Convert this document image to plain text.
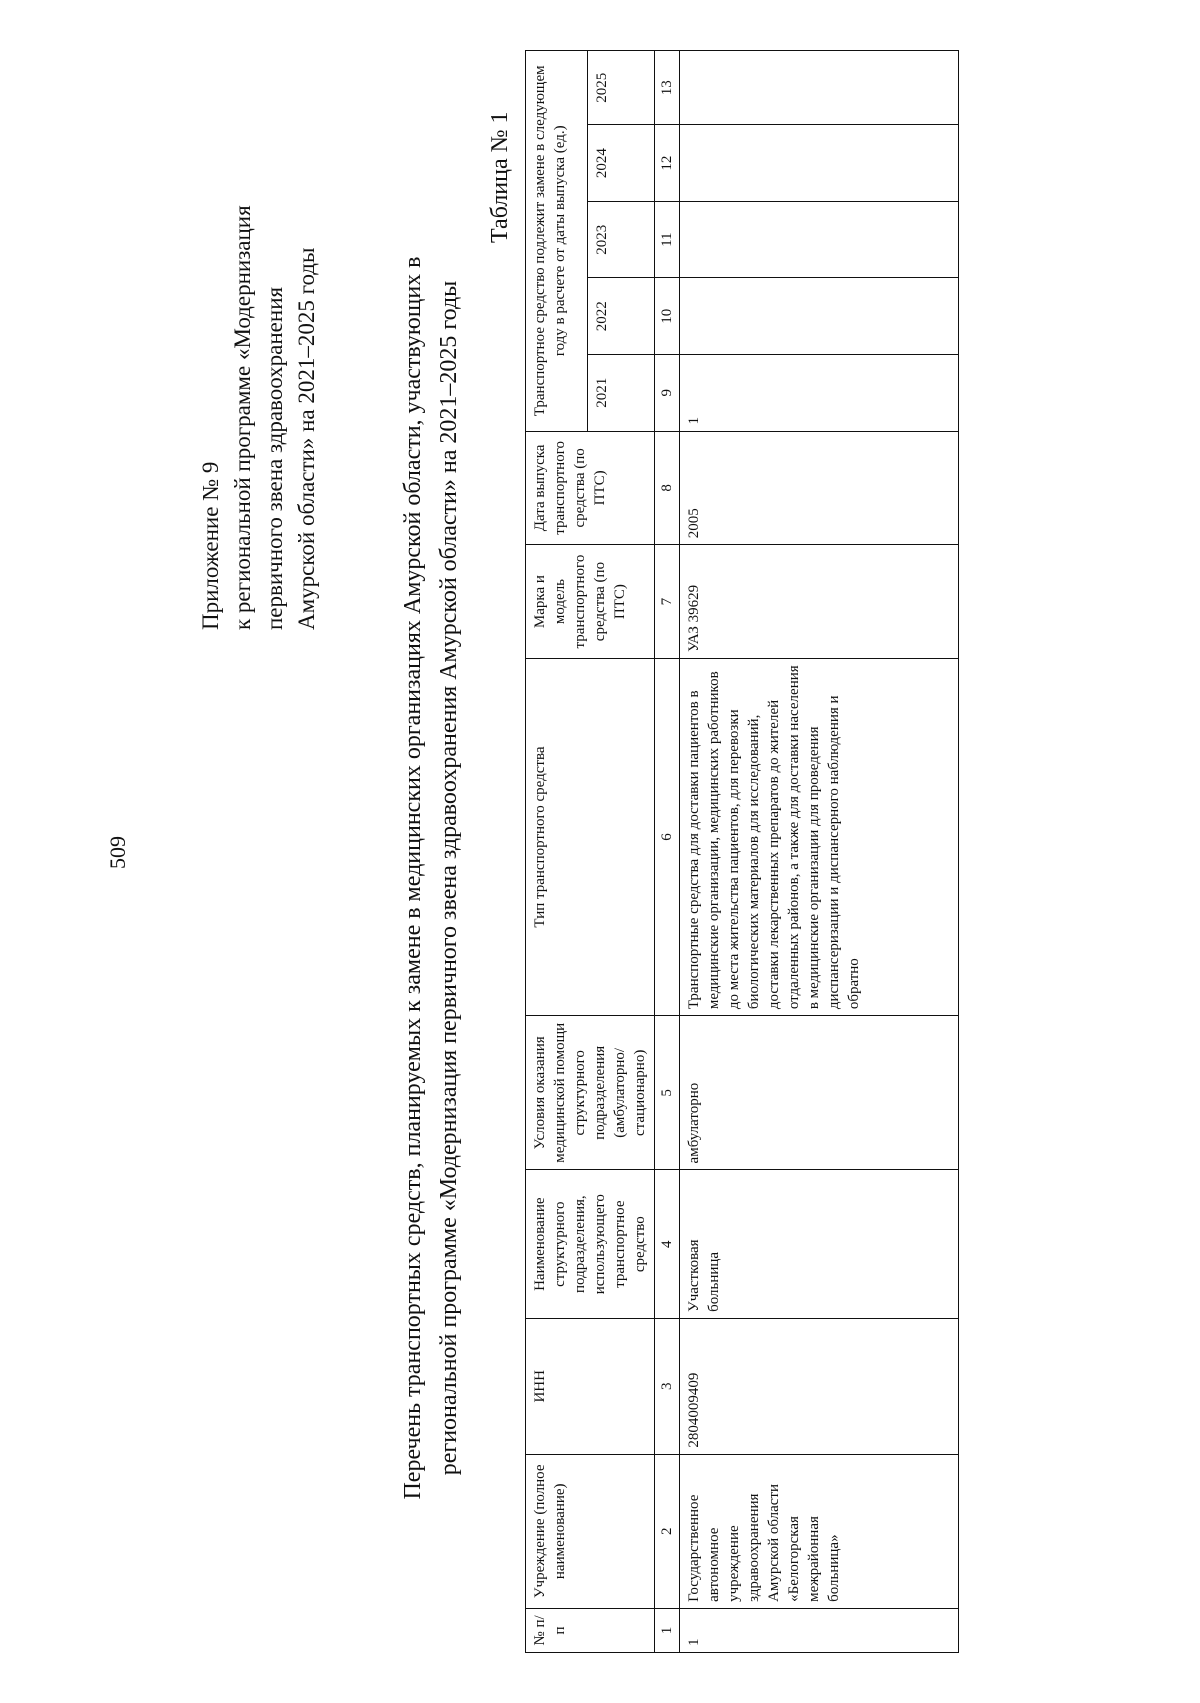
509
Приложение № 9 к региональной программе «Модернизация первичного звена здравоохранения Амурской области» на 2021–2025 годы	Перечень транспортных средств, планируемых к замене в медицинских организациях Амурской области, участвующих в региональной программе «Модернизация первичного звена здравоохранения Амурской области» на 2021–2025 годы
Таблица № 1
№ п/п	Учреждение (полное наименование)	ИНН	Наименование структурного подразделения, использующего транспортное средство	Условия оказания медицинской помощи структурного подразделения (амбулаторно/ стационарно)	Тип транспортного средства	Марка и модель транспортного средства (по ПТС)	Дата выпуска транспортного средства (по ПТС)	Транспортное средство подлежит замене в следующем году в расчете от даты выпуска (ед.)				
								2021	2022	2023	2024	2025
1	2	3	4	5	6	7	8	9	10	11	12	13
1	Государственное автономное учреждение здравоохранения Амурской области «Белогорская межрайонная больница»	2804009409	Участковая больница	амбулаторно	Транспортные средства для доставки пациентов в медицинские организации, медицинских работников до места жительства пациентов, для перевозки биологических материалов для исследований, доставки лекарственных препаратов до жителей отдаленных районов, а также для доставки населения в медицинские организации для проведения диспансеризации и диспансерного наблюдения и обратно	УАЗ 39629	2005	1				
